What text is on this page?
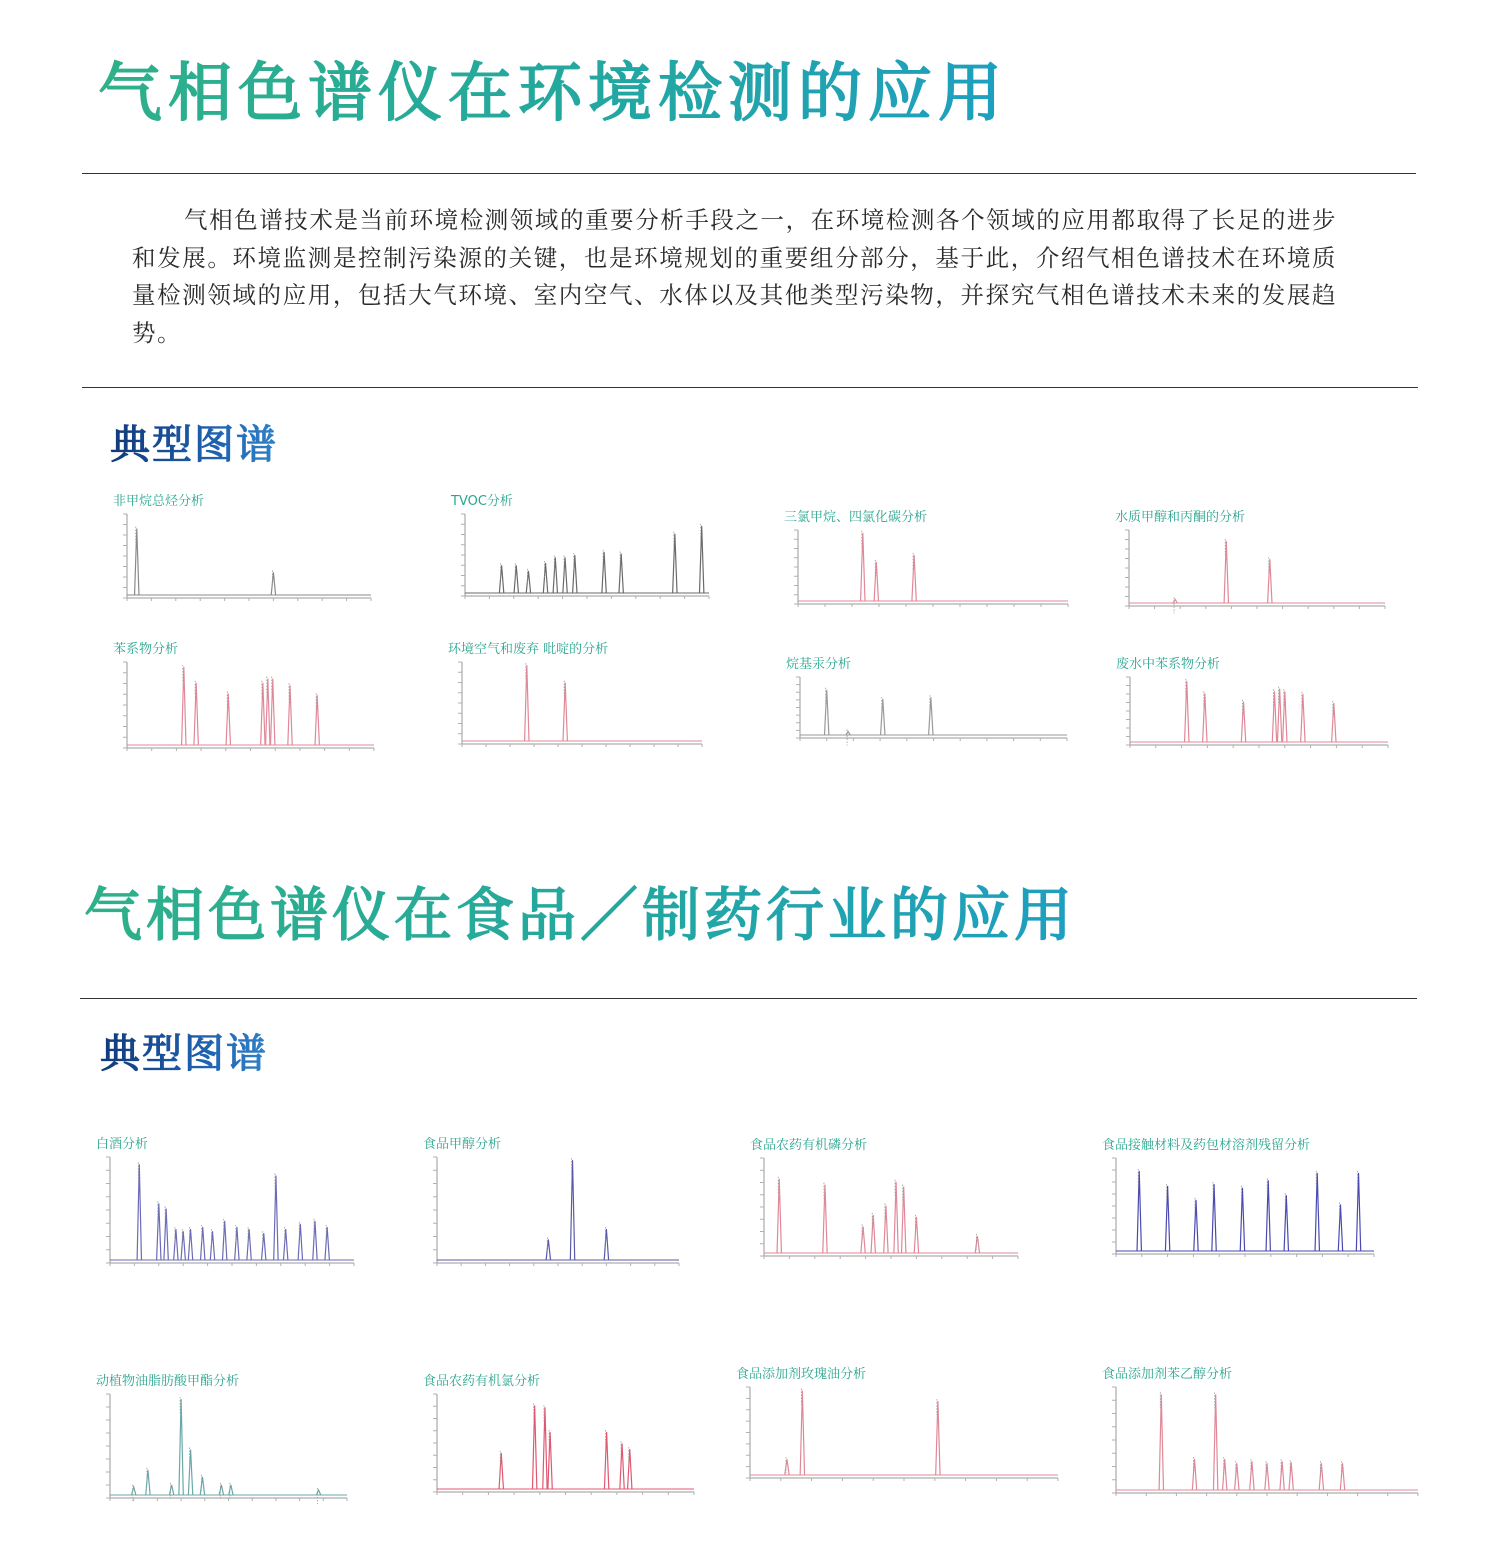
气相色谱仪在环境检测的应用
气相色谱技术是当前环境检测领域的重要分析手段之一，在环境检测各个领域的应用都取得了长足的进步和发展。环境监测是控制污染源的关键，也是环境规划的重要组分部分，基于此，介绍气相色谱技术在环境质量检测领域的应用，包括大气环境、室内空气、水体以及其他类型污染物，并探究气相色谱技术未来的发展趋势。
典型图谱
非甲烷总烃分析	TVOC分析
三氯甲烷、四氯化碳分析	水质甲醇和丙酮的分析
苯系物分析	环境空气和废弃 吡啶的分析
烷基汞分析	废水中苯系物分析
气相色谱仪在食品／制药行业的应用
典型图谱
白酒分析	食品甲醇分析	食品农药有机磷分析	食品接触材料及药包材溶剂残留分析
动植物油脂肪酸甲酯分析	食品农药有机氯分析	食品添加剂玫瑰油分析	食品添加剂苯乙醇分析
